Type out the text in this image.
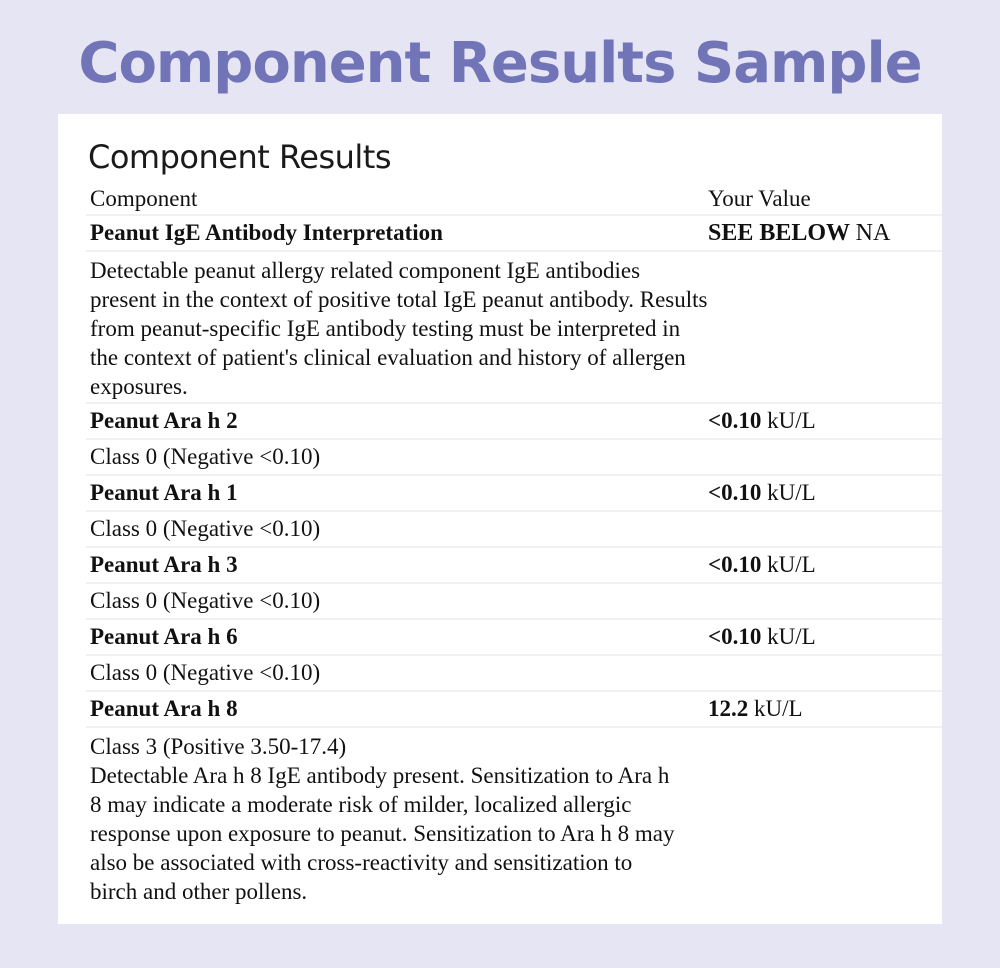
Component Results Sample
Component Results
Component	Your Value
Peanut IgE Antibody Interpretation	SEE BELOW NA
Detectable peanut allergy related component IgE antibodies present in the context of positive total IgE peanut antibody. Results from peanut-specific IgE antibody testing must be interpreted in the context of patient's clinical evaluation and history of allergen exposures.
Peanut Ara h 2	<0.10 kU/L
Class 0 (Negative <0.10)
Peanut Ara h 1	<0.10 kU/L
Class 0 (Negative <0.10)
Peanut Ara h 3	<0.10 kU/L
Class 0 (Negative <0.10)
Peanut Ara h 6	<0.10 kU/L
Class 0 (Negative <0.10)
Peanut Ara h 8	12.2 kU/L
Class 3 (Positive 3.50-17.4)
Detectable Ara h 8 IgE antibody present. Sensitization to Ara h 8 may indicate a moderate risk of milder, localized allergic response upon exposure to peanut. Sensitization to Ara h 8 may also be associated with cross-reactivity and sensitization to birch and other pollens.
